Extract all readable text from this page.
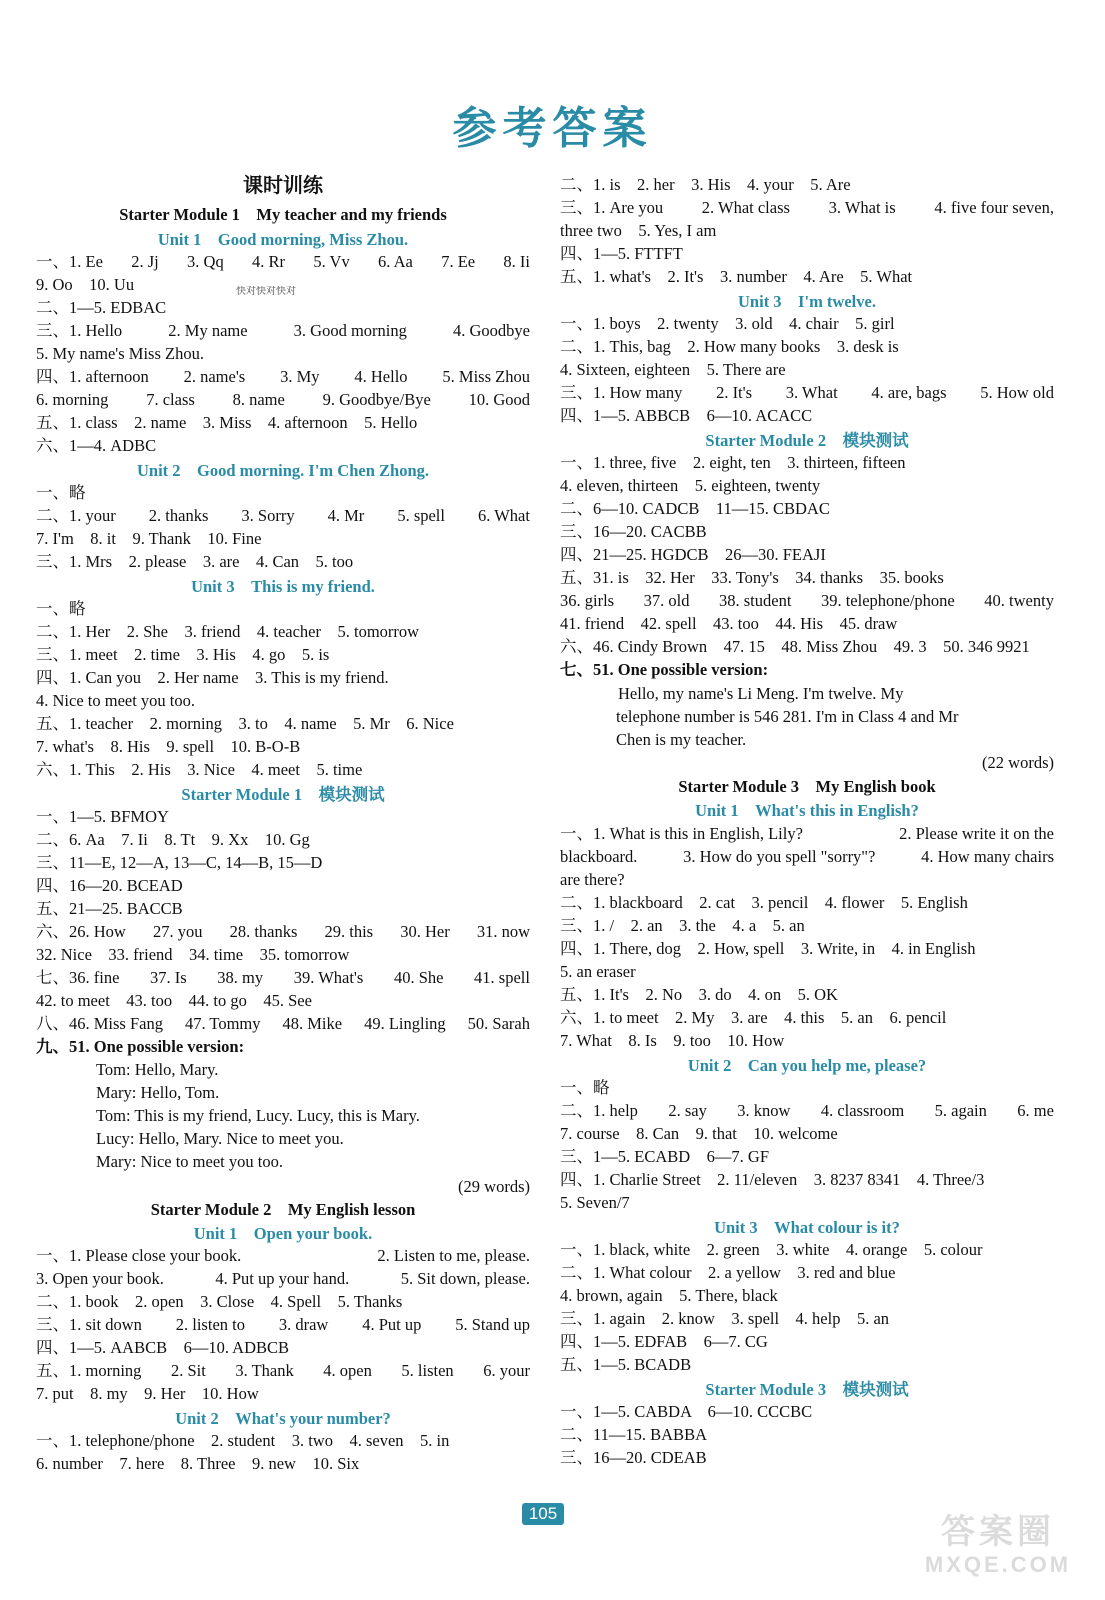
参考答案
课时训练
Starter Module 1　My teacher and my friends
Unit 1　Good morning, Miss Zhou.
一、1. Ee 2. Jj 3. Qq 4. Rr 5. Vv 6. Aa 7. Ee 8. Ii
9. Oo　10. Uu	快对快对快对
二、1—5. EDBAC
三、1. Hello	2. My name	3. Good morning	4. Goodbye
5. My name's Miss Zhou.
四、1. afternoon 2. name's 3. My 4. Hello 5. Miss Zhou
6. morning 7. class 8. name 9. Goodbye/Bye 10. Good
五、1. class　2. name　3. Miss　4. afternoon　5. Hello
六、1—4. ADBC
Unit 2　Good morning. I'm Chen Zhong.
一、略
二、1. your 2. thanks 3. Sorry 4. Mr 5. spell 6. What
7. I'm　8. it　9. Thank　10. Fine
三、1. Mrs　2. please　3. are　4. Can　5. too
Unit 3　This is my friend.
一、略
二、1. Her　2. She　3. friend　4. teacher　5. tomorrow
三、1. meet　2. time　3. His　4. go　5. is
四、1. Can you　2. Her name　3. This is my friend.
4. Nice to meet you too.
五、1. teacher　2. morning　3. to　4. name　5. Mr　6. Nice
7. what's　8. His　9. spell　10. B-O-B
六、1. This　2. His　3. Nice　4. meet　5. time
Starter Module 1　模块测试
一、1—5. BFMOY
二、6. Aa　7. Ii　8. Tt　9. Xx　10. Gg
三、11—E, 12—A, 13—C, 14—B, 15—D
四、16—20. BCEAD
五、21—25. BACCB
六、26. How 27. you 28. thanks 29. this 30. Her 31. now
32. Nice　33. friend　34. time　35. tomorrow
七、36. fine 37. Is 38. my 39. What's 40. She 41. spell
42. to meet　43. too　44. to go　45. See
八、46. Miss Fang 47. Tommy 48. Mike 49. Lingling 50. Sarah
九、51. One possible version:
Tom: Hello, Mary.
Mary: Hello, Tom.
Tom: This is my friend, Lucy. Lucy, this is Mary.
Lucy: Hello, Mary. Nice to meet you.
Mary: Nice to meet you too.
(29 words)
Starter Module 2　My English lesson
Unit 1　Open your book.
一、1. Please close your book.	2. Listen to me, please.
3. Open your book.	4. Put up your hand.	5. Sit down, please.
二、1. book　2. open　3. Close　4. Spell　5. Thanks
三、1. sit down 2. listen to 3. draw 4. Put up 5. Stand up
四、1—5. AABCB　6—10. ADBCB
五、1. morning 2. Sit 3. Thank 4. open 5. listen 6. your
7. put　8. my　9. Her　10. How
Unit 2　What's your number?
一、1. telephone/phone　2. student　3. two　4. seven　5. in
6. number　7. here　8. Three　9. new　10. Six
二、1. is　2. her　3. His　4. your　5. Are
三、1. Are you 2. What class 3. What is 4. five four seven,
three two　5. Yes, I am
四、1—5. FTTFT
五、1. what's　2. It's　3. number　4. Are　5. What
Unit 3　I'm twelve.
一、1. boys　2. twenty　3. old　4. chair　5. girl
二、1. This, bag　2. How many books　3. desk is
4. Sixteen, eighteen　5. There are
三、1. How many 2. It's 3. What 4. are, bags 5. How old
四、1—5. ABBCB　6—10. ACACC
Starter Module 2　模块测试
一、1. three, five　2. eight, ten　3. thirteen, fifteen
4. eleven, thirteen　5. eighteen, twenty
二、6—10. CADCB　11—15. CBDAC
三、16—20. CACBB
四、21—25. HGDCB　26—30. FEAJI
五、31. is　32. Her　33. Tony's　34. thanks　35. books
36. girls 37. old 38. student 39. telephone/phone 40. twenty
41. friend　42. spell　43. too　44. His　45. draw
六、46. Cindy Brown　47. 15　48. Miss Zhou　49. 3　50. 346 9921
七、51. One possible version:
Hello, my name's Li Meng. I'm twelve. My
telephone number is 546 281. I'm in Class 4 and Mr
Chen is my teacher.
(22 words)
Starter Module 3　My English book
Unit 1　What's this in English?
一、1. What is this in English, Lily?	2. Please write it on the
blackboard.	3. How do you spell "sorry"?	4. How many chairs
are there?
二、1. blackboard　2. cat　3. pencil　4. flower　5. English
三、1. /　2. an　3. the　4. a　5. an
四、1. There, dog　2. How, spell　3. Write, in　4. in English
5. an eraser
五、1. It's　2. No　3. do　4. on　5. OK
六、1. to meet　2. My　3. are　4. this　5. an　6. pencil
7. What　8. Is　9. too　10. How
Unit 2　Can you help me, please?
一、略
二、1. help 2. say 3. know 4. classroom 5. again 6. me
7. course　8. Can　9. that　10. welcome
三、1—5. ECABD　6—7. GF
四、1. Charlie Street　2. 11/eleven　3. 8237 8341　4. Three/3
5. Seven/7
Unit 3　What colour is it?
一、1. black, white　2. green　3. white　4. orange　5. colour
二、1. What colour　2. a yellow　3. red and blue
4. brown, again　5. There, black
三、1. again　2. know　3. spell　4. help　5. an
四、1—5. EDFAB　6—7. CG
五、1—5. BCADB
Starter Module 3　模块测试
一、1—5. CABDA　6—10. CCCBC
二、11—15. BABBA
三、16—20. CDEAB
105	答案圈
MXQE.COM
